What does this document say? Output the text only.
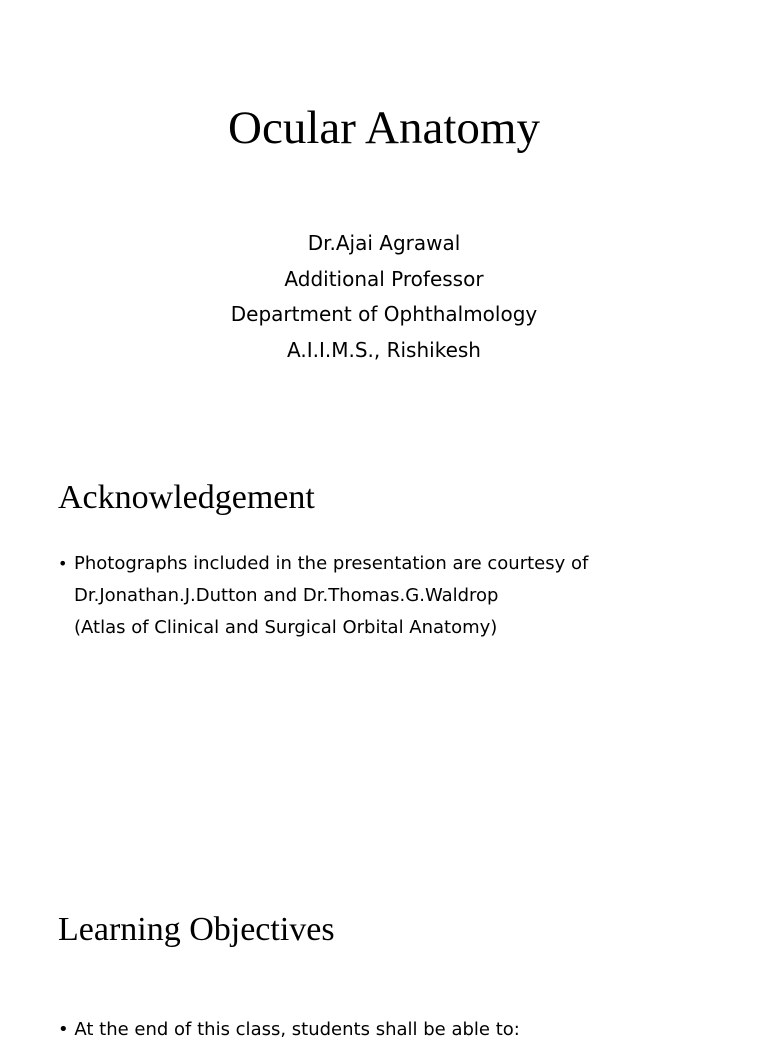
Ocular Anatomy
Dr.Ajai Agrawal
Additional Professor
Department of Ophthalmology
A.I.I.M.S., Rishikesh
Acknowledgement
• Photographs included in the presentation are courtesy of
Dr.Jonathan.J.Dutton and Dr.Thomas.G.Waldrop
(Atlas of Clinical and Surgical Orbital Anatomy)
Learning Objectives
• At the end of this class, students shall be able to:
